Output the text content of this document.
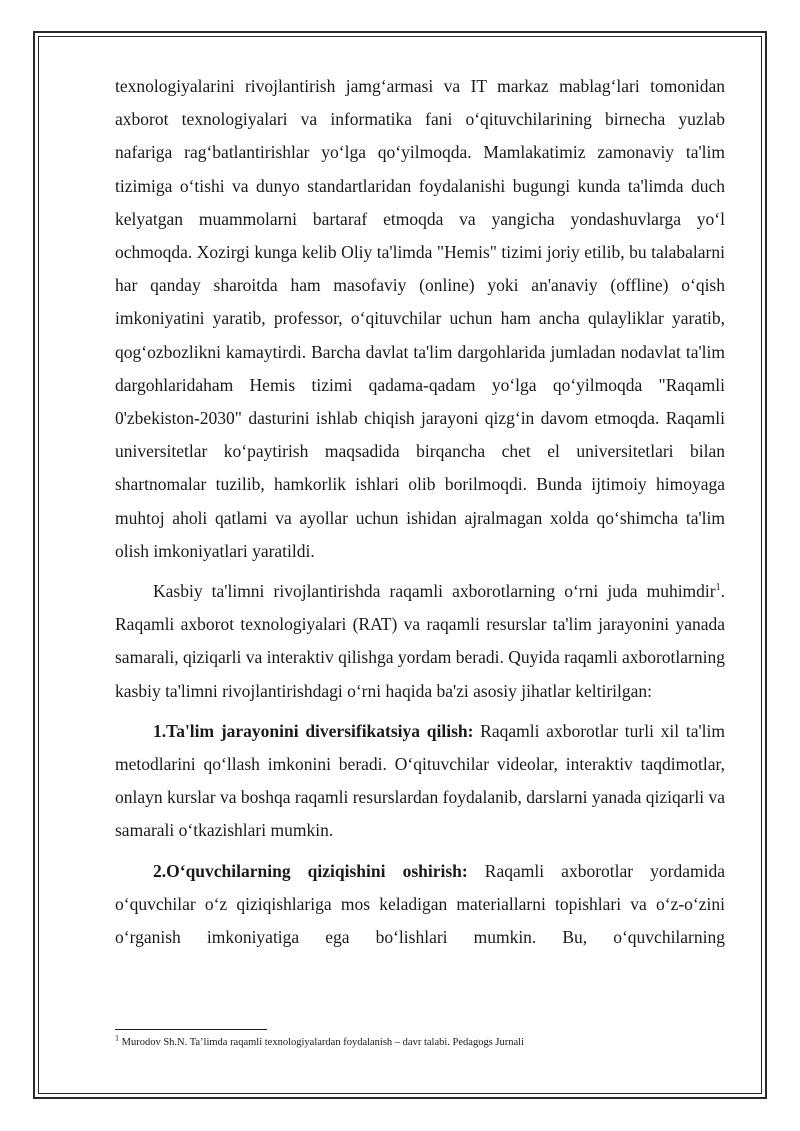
texnologiyalarini rivojlantirish jamg‘armasi va IT markaz mablag‘lari tomonidan axborot texnologiyalari va informatika fani o‘qituvchilarining birnecha yuzlab nafariga rag‘batlantirishlar yo‘lga qo‘yilmoqda. Mamlakatimiz zamonaviy ta'lim tizimiga o‘tishi va dunyo standartlaridan foydalanishi bugungi kunda ta'limda duch kelyatgan muammolarni bartaraf etmoqda va yangicha yondashuvlarga yo‘l ochmoqda. Xozirgi kunga kelib Oliy ta'limda "Hemis" tizimi joriy etilib, bu talabalarni har qanday sharoitda ham masofaviy (online) yoki an'anaviy (offline) o‘qish imkoniyatini yaratib, professor, o‘qituvchilar uchun ham ancha qulayliklar yaratib, qog‘ozbozlikni kamaytirdi. Barcha davlat ta'lim dargohlarida jumladan nodavlat ta'lim dargohlaridaham Hemis tizimi qadama-qadam yo‘lga qo‘yilmoqda "Raqamli 0'zbekiston-2030" dasturini ishlab chiqish jarayoni qizg‘in davom etmoqda. Raqamli universitetlar ko‘paytirish maqsadida birqancha chet el universitetlari bilan shartnomalar tuzilib, hamkorlik ishlari olib borilmoqdi. Bunda ijtimoiy himoyaga muhtoj aholi qatlami va ayollar uchun ishidan ajralmagan xolda qo‘shimcha ta'lim olish imkoniyatlari yaratildi.

Kasbiy ta'limni rivojlantirishda raqamli axborotlarning o‘rni juda muhimdir$^1$. Raqamli axborot texnologiyalari (RAT) va raqamli resurslar ta'lim jarayonini yanada samarali, qiziqarli va interaktiv qilishga yordam beradi. Quyida raqamli axborotlarning kasbiy ta'limni rivojlantirishdagi o‘rni haqida ba'zi asosiy jihatlar keltirilgan:

1.Ta'lim jarayonini diversifikatsiya qilish: Raqamli axborotlar turli xil ta'lim metodlarini qo‘llash imkonini beradi. O‘qituvchilar videolar, interaktiv taqdimotlar, onlayn kurslar va boshqa raqamli resurslardan foydalanib, darslarni yanada qiziqarli va samarali o‘tkazishlari mumkin.

2.O‘quvchilarning qiziqishini oshirish: Raqamli axborotlar yordamida o‘quvchilar o‘z qiziqishlariga mos keladigan materiallarni topishlari va o‘z-o‘zini o‘rganish imkoniyatiga ega bo‘lishlari mumkin. Bu, o‘quvchilarning

$^1$ Murodov Sh.N. Ta’limda raqamli texnologiyalardan foydalanish – davr talabi. Pedagogs Jurnali
